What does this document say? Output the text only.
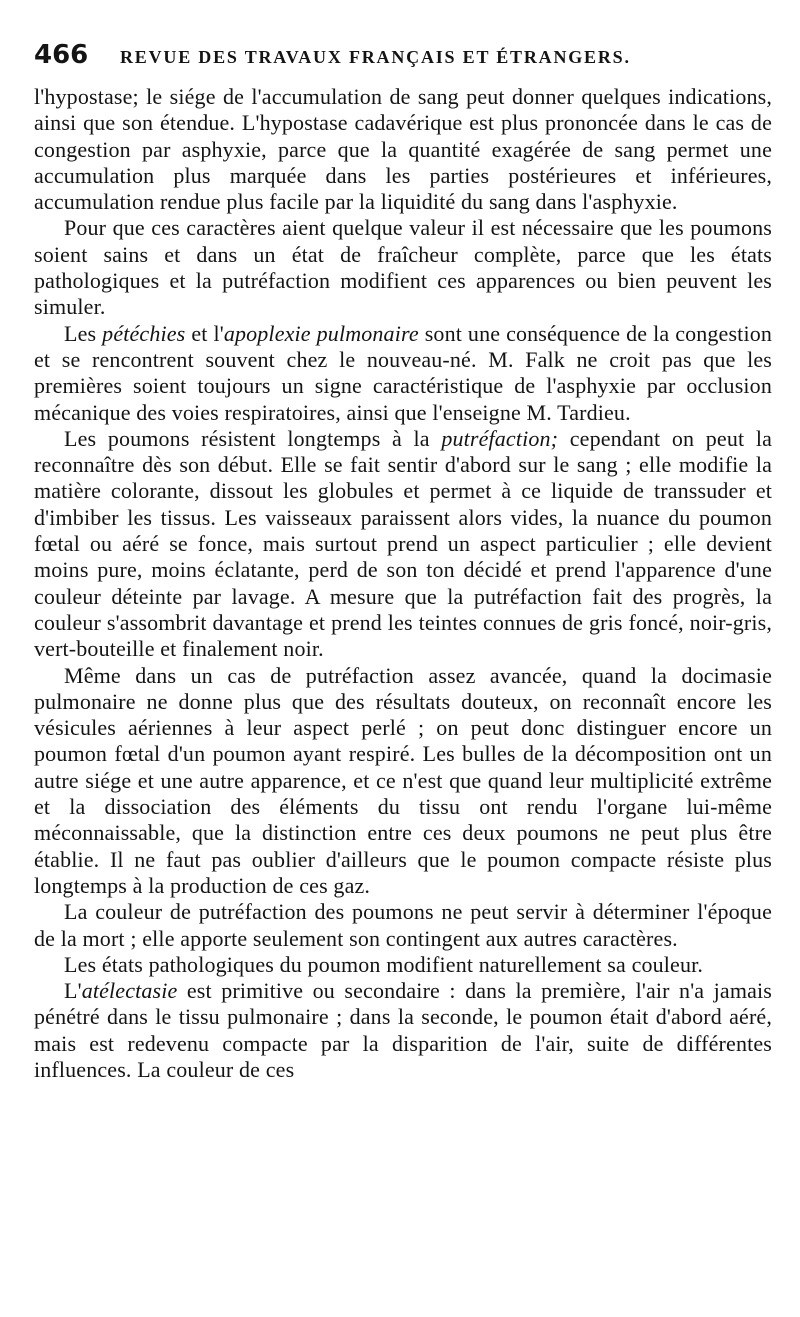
466	REVUE DES TRAVAUX FRANÇAIS ET ÉTRANGERS.

l'hypostase; le siége de l'accumulation de sang peut donner quelques indications, ainsi que son étendue. L'hypostase cadavérique est plus prononcée dans le cas de congestion par asphyxie, parce que la quantité exagérée de sang permet une accumulation plus marquée dans les parties postérieures et inférieures, accumulation rendue plus facile par la liquidité du sang dans l'asphyxie.

Pour que ces caractères aient quelque valeur il est nécessaire que les poumons soient sains et dans un état de fraîcheur complète, parce que les états pathologiques et la putréfaction modifient ces apparences ou bien peuvent les simuler.

Les pétéchies et l'apoplexie pulmonaire sont une conséquence de la congestion et se rencontrent souvent chez le nouveau-né. M. Falk ne croit pas que les premières soient toujours un signe caractéristique de l'asphyxie par occlusion mécanique des voies respiratoires, ainsi que l'enseigne M. Tardieu.

Les poumons résistent longtemps à la putréfaction; cependant on peut la reconnaître dès son début. Elle se fait sentir d'abord sur le sang ; elle modifie la matière colorante, dissout les globules et permet à ce liquide de transsuder et d'imbiber les tissus. Les vaisseaux paraissent alors vides, la nuance du poumon fœtal ou aéré se fonce, mais surtout prend un aspect particulier ; elle devient moins pure, moins éclatante, perd de son ton décidé et prend l'apparence d'une couleur déteinte par lavage. A mesure que la putréfaction fait des progrès, la couleur s'assombrit davantage et prend les teintes connues de gris foncé, noir-gris, vert-bouteille et finalement noir.

Même dans un cas de putréfaction assez avancée, quand la docimasie pulmonaire ne donne plus que des résultats douteux, on reconnaît encore les vésicules aériennes à leur aspect perlé ; on peut donc distinguer encore un poumon fœtal d'un poumon ayant respiré. Les bulles de la décomposition ont un autre siége et une autre apparence, et ce n'est que quand leur multiplicité extrême et la dissociation des éléments du tissu ont rendu l'organe lui-même méconnaissable, que la distinction entre ces deux poumons ne peut plus être établie. Il ne faut pas oublier d'ailleurs que le poumon compacte résiste plus longtemps à la production de ces gaz.

La couleur de putréfaction des poumons ne peut servir à déterminer l'époque de la mort ; elle apporte seulement son contingent aux autres caractères.

Les états pathologiques du poumon modifient naturellement sa couleur.

L'atélectasie est primitive ou secondaire : dans la première, l'air n'a jamais pénétré dans le tissu pulmonaire ; dans la seconde, le poumon était d'abord aéré, mais est redevenu compacte par la disparition de l'air, suite de différentes influences. La couleur de ces
